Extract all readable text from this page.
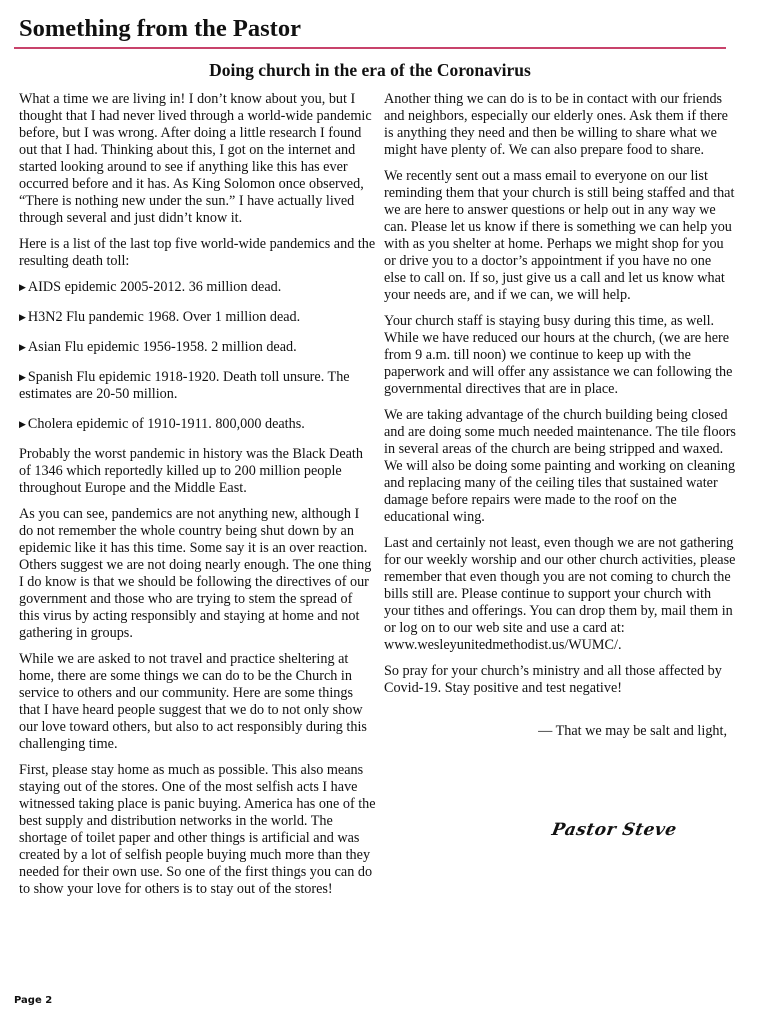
Something from the Pastor
Doing church in the era of the Coronavirus

What a time we are living in! I don’t know about you, but I thought that I had never lived through a world-wide pandemic before, but I was wrong. After doing a little research I found out that I had. Thinking about this, I got on the internet and started looking around to see if anything like this has ever occurred before and it has. As King Solomon once observed, “There is nothing new under the sun.” I have actually lived through several and just didn’t know it.

Here is a list of the last top five world-wide pandemics and the resulting death toll:

▶ AIDS epidemic 2005-2012. 36 million dead.

▶ H3N2 Flu pandemic 1968. Over 1 million dead.

▶ Asian Flu epidemic 1956-1958. 2 million dead.

▶ Spanish Flu epidemic 1918-1920. Death toll unsure. The estimates are 20-50 million.

▶ Cholera epidemic of 1910-1911. 800,000 deaths.

Probably the worst pandemic in history was the Black Death of 1346 which reportedly killed up to 200 million people throughout Europe and the Middle East.

As you can see, pandemics are not anything new, although I do not remember the whole country being shut down by an epidemic like it has this time. Some say it is an over reaction. Others suggest we are not doing nearly enough. The one thing I do know is that we should be following the directives of our government and those who are trying to stem the spread of this virus by acting responsibly and staying at home and not gathering in groups.

While we are asked to not travel and practice sheltering at home, there are some things we can do to be the Church in service to others and our community. Here are some things that I have heard people suggest that we do to not only show our love toward others, but also to act responsibly during this challenging time.

First, please stay home as much as possible. This also means staying out of the stores. One of the most selfish acts I have witnessed taking place is panic buying. America has one of the best supply and distribution networks in the world. The shortage of toilet paper and other things is artificial and was created by a lot of selfish people buying much more than they needed for their own use. So one of the first things you can do to show your love for others is to stay out of the stores!

Another thing we can do is to be in contact with our friends and neighbors, especially our elderly ones. Ask them if there is anything they need and then be willing to share what we might have plenty of. We can also prepare food to share.

We recently sent out a mass email to everyone on our list reminding them that your church is still being staffed and that we are here to answer questions or help out in any way we can. Please let us know if there is something we can help you with as you shelter at home. Perhaps we might shop for you or drive you to a doctor’s appointment if you have no one else to call on. If so, just give us a call and let us know what your needs are, and if we can, we will help.

Your church staff is staying busy during this time, as well. While we have reduced our hours at the church, (we are here from 9 a.m. till noon) we continue to keep up with the paperwork and will offer any assistance we can following the governmental directives that are in place.

We are taking advantage of the church building being closed and are doing some much needed maintenance. The tile floors in several areas of the church are being stripped and waxed. We will also be doing some painting and working on cleaning and replacing many of the ceiling tiles that sustained water damage before repairs were made to the roof on the educational wing.

Last and certainly not least, even though we are not gathering for our weekly worship and our other church activities, please remember that even though you are not coming to church the bills still are. Please continue to support your church with your tithes and offerings. You can drop them by, mail them in or log on to our web site and use a card at: www.wesleyunitedmethodist.us/WUMC/.

So pray for your church’s ministry and all those affected by Covid-19. Stay positive and test negative!

— That we may be salt and light,

Pastor Steve
Page 2
